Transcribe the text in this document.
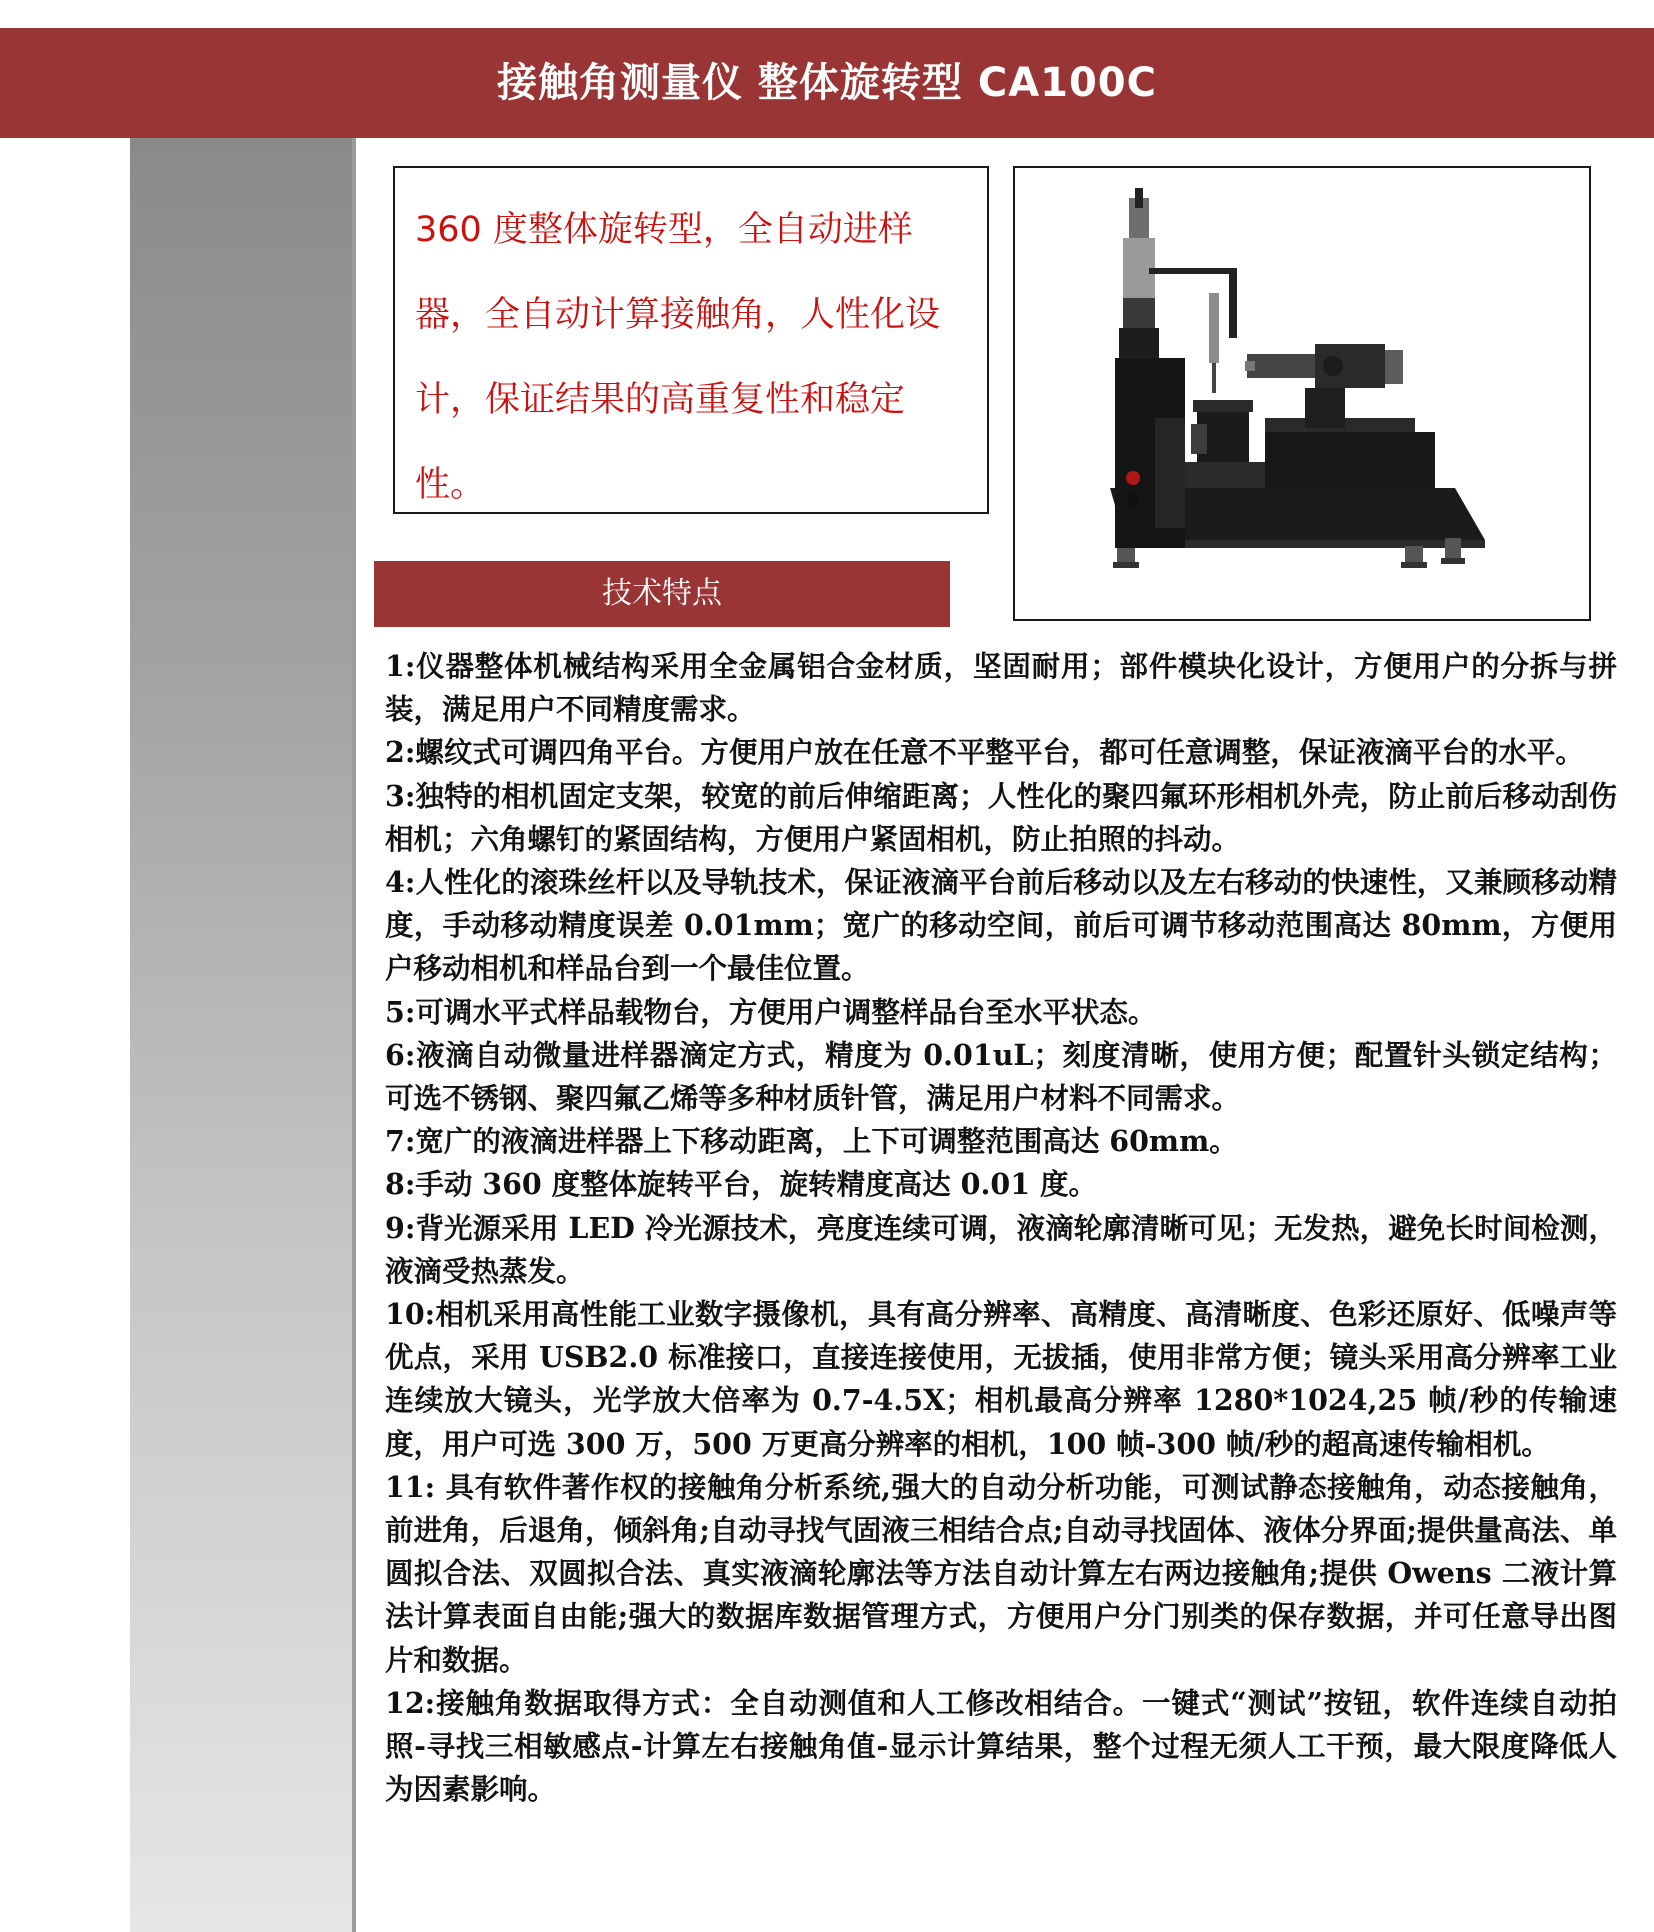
接触角测量仪 整体旋转型 CA100C
360 度整体旋转型，全自动进样器，全自动计算接触角，人性化设计，保证结果的高重复性和稳定性。
技术特点

1:仪器整体机械结构采用全金属铝合金材质，坚固耐用；部件模块化设计，方便用户的分拆与拼装，满足用户不同精度需求。

2:螺纹式可调四角平台。方便用户放在任意不平整平台，都可任意调整，保证液滴平台的水平。

3:独特的相机固定支架，较宽的前后伸缩距离；人性化的聚四氟环形相机外壳，防止前后移动刮伤相机；六角螺钉的紧固结构，方便用户紧固相机，防止拍照的抖动。

4:人性化的滚珠丝杆以及导轨技术，保证液滴平台前后移动以及左右移动的快速性，又兼顾移动精度，手动移动精度误差 0.01mm；宽广的移动空间，前后可调节移动范围高达 80mm，方便用户移动相机和样品台到一个最佳位置。

5:可调水平式样品载物台，方便用户调整样品台至水平状态。

6:液滴自动微量进样器滴定方式，精度为 0.01uL；刻度清晰，使用方便；配置针头锁定结构；可选不锈钢、聚四氟乙烯等多种材质针管，满足用户材料不同需求。

7:宽广的液滴进样器上下移动距离，上下可调整范围高达 60mm。

8:手动 360 度整体旋转平台，旋转精度高达 0.01 度。

9:背光源采用 LED 冷光源技术，亮度连续可调，液滴轮廓清晰可见；无发热，避免长时间检测，液滴受热蒸发。

10:相机采用高性能工业数字摄像机，具有高分辨率、高精度、高清晰度、色彩还原好、低噪声等优点，采用 USB2.0 标准接口，直接连接使用，无拔插，使用非常方便；镜头采用高分辨率工业连续放大镜头，光学放大倍率为 0.7-4.5X；相机最高分辨率 1280*1024,25 帧/秒的传输速度，用户可选 300 万，500 万更高分辨率的相机，100 帧-300 帧/秒的超高速传输相机。

11: 具有软件著作权的接触角分析系统,强大的自动分析功能，可测试静态接触角，动态接触角，前进角，后退角，倾斜角;自动寻找气固液三相结合点;自动寻找固体、液体分界面;提供量高法、单圆拟合法、双圆拟合法、真实液滴轮廓法等方法自动计算左右两边接触角;提供 Owens 二液计算法计算表面自由能;强大的数据库数据管理方式，方便用户分门别类的保存数据，并可任意导出图片和数据。

12:接触角数据取得方式：全自动测值和人工修改相结合。一键式“测试”按钮，软件连续自动拍照-寻找三相敏感点-计算左右接触角值-显示计算结果，整个过程无须人工干预，最大限度降低人为因素影响。
